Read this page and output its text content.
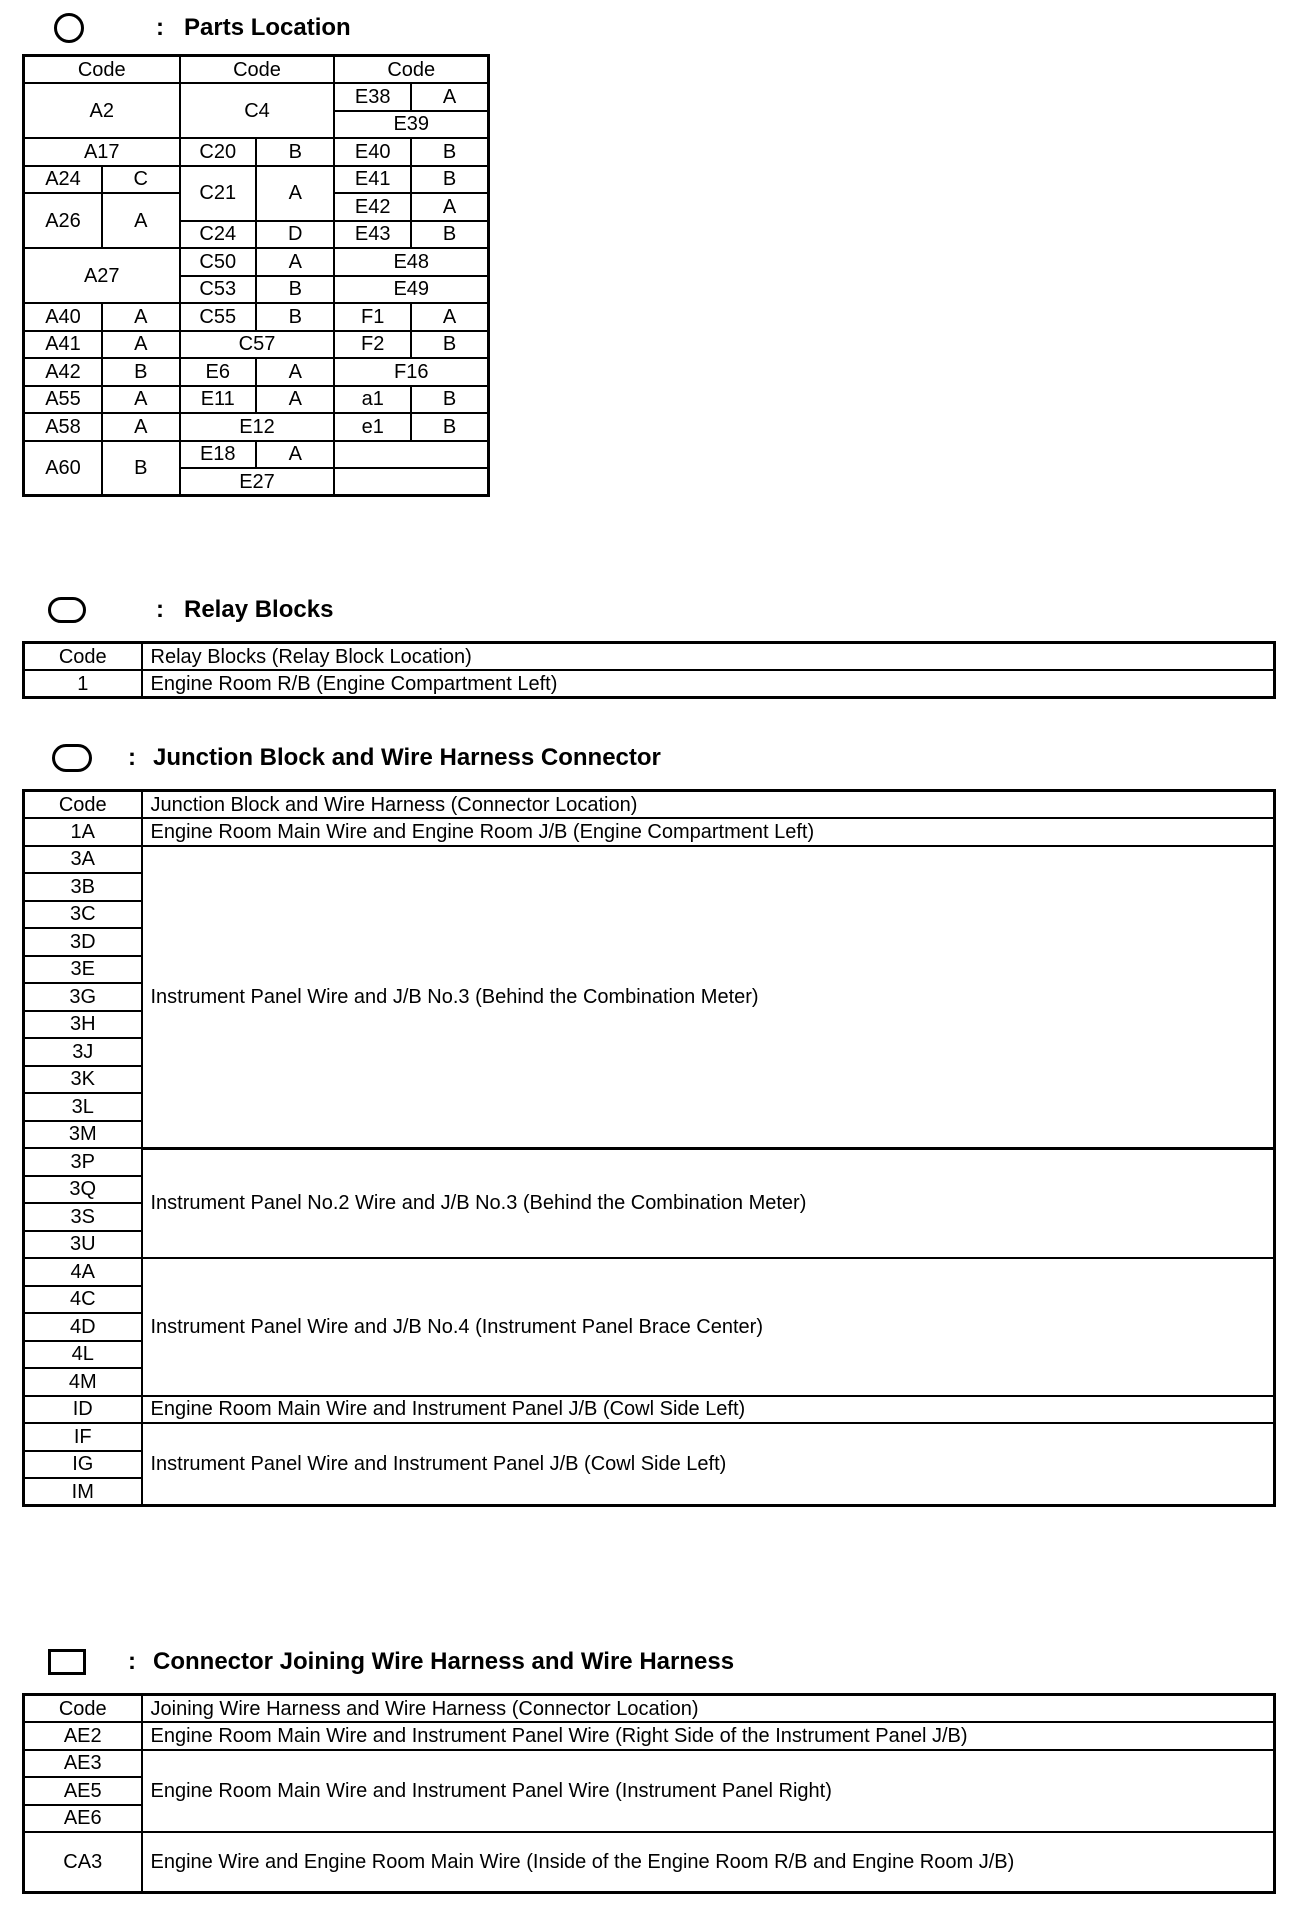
: Parts Location
Code		Code		Code	
A2		C4		E38	A
				E39	
A17		C20	B	E40	B
A24	C	C21	A	E41	B
A26	A			E42	A
		C24	D	E43	B
A27		C50	A	E48	
		C53	B	E49	
A40	A	C55	B	F1	A
A41	A	C57		F2	B
A42	B	E6	A	F16	
A55	A	E11	A	a1	B
A58	A	E12		e1	B
A60	B	E18	A		
		E27			
: Relay Blocks
Code	Relay Blocks (Relay Block Location)
1	Engine Room R/B (Engine Compartment Left)
: Junction Block and Wire Harness Connector
Code	Junction Block and Wire Harness (Connector Location)
1A	Engine Room Main Wire and Engine Room J/B (Engine Compartment Left)
3A	Instrument Panel Wire and J/B No.3 (Behind the Combination Meter)
3B	
3C	
3D	
3E	
3G	
3H	
3J	
3K	
3L	
3M	
3P	Instrument Panel No.2 Wire and J/B No.3 (Behind the Combination Meter)
3Q	
3S	
3U	
4A	Instrument Panel Wire and J/B No.4 (Instrument Panel Brace Center)
4C	
4D	
4L	
4M	
ID	Engine Room Main Wire and Instrument Panel J/B (Cowl Side Left)
IF	Instrument Panel Wire and Instrument Panel J/B (Cowl Side Left)
IG	
IM	
: Connector Joining Wire Harness and Wire Harness
Code	Joining Wire Harness and Wire Harness (Connector Location)
AE2	Engine Room Main Wire and Instrument Panel Wire (Right Side of the Instrument Panel J/B)
AE3	Engine Room Main Wire and Instrument Panel Wire (Instrument Panel Right)
AE5	
AE6	
CA3	Engine Wire and Engine Room Main Wire (Inside of the Engine Room R/B and Engine Room J/B)
